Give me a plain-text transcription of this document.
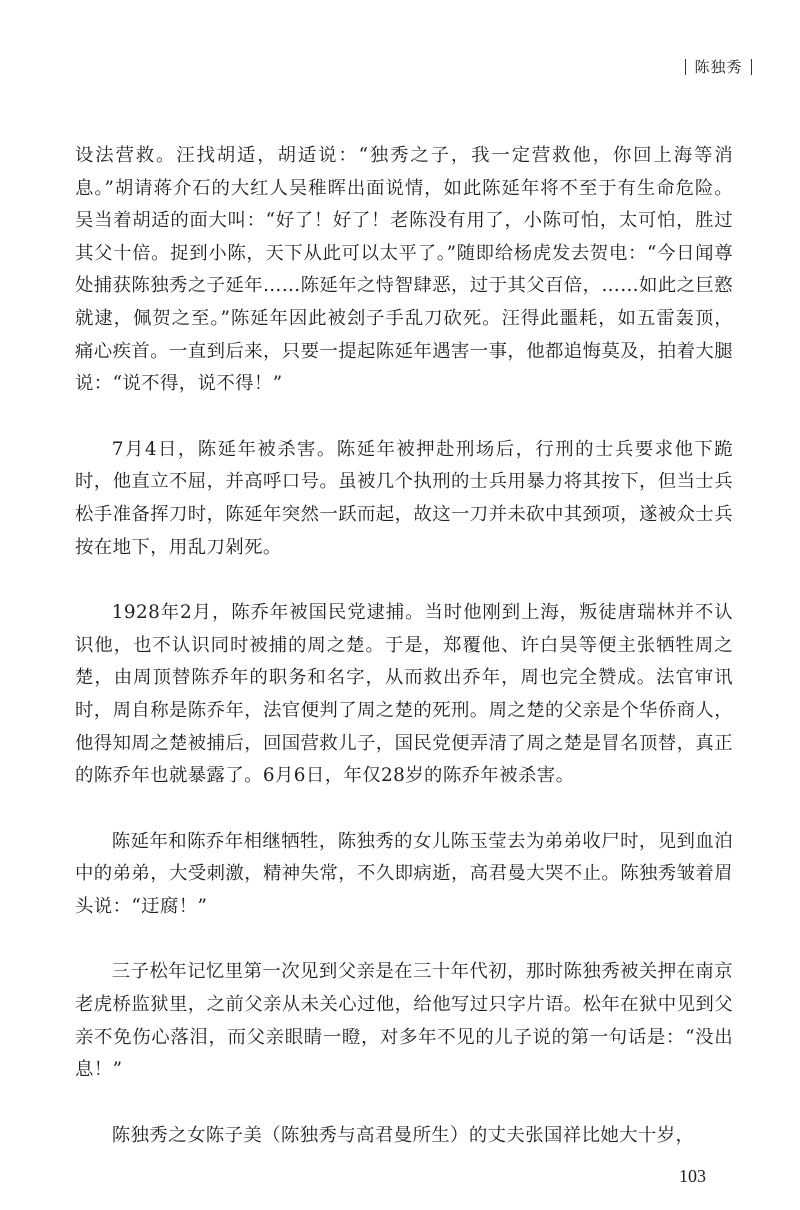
陈独秀

设法营救。汪找胡适，胡适说：“独秀之子，我一定营救他，你回上海等消息。”胡请蒋介石的大红人吴稚晖出面说情，如此陈延年将不至于有生命危险。吴当着胡适的面大叫：“好了！好了！老陈没有用了，小陈可怕，太可怕，胜过其父十倍。捉到小陈，天下从此可以太平了。”随即给杨虎发去贺电：“今日闻尊处捕获陈独秀之子延年……陈延年之恃智肆恶，过于其父百倍，……如此之巨憝就逮，佩贺之至。”陈延年因此被刽子手乱刀砍死。汪得此噩耗，如五雷轰顶，痛心疾首。一直到后来，只要一提起陈延年遇害一事，他都追悔莫及，拍着大腿说：“说不得，说不得！”

7月4日，陈延年被杀害。陈延年被押赴刑场后，行刑的士兵要求他下跪时，他直立不屈，并高呼口号。虽被几个执刑的士兵用暴力将其按下，但当士兵松手准备挥刀时，陈延年突然一跃而起，故这一刀并未砍中其颈项，遂被众士兵按在地下，用乱刀剁死。

1928年2月，陈乔年被国民党逮捕。当时他刚到上海，叛徒唐瑞林并不认识他，也不认识同时被捕的周之楚。于是，郑覆他、许白昊等便主张牺牲周之楚，由周顶替陈乔年的职务和名字，从而救出乔年，周也完全赞成。法官审讯时，周自称是陈乔年，法官便判了周之楚的死刑。周之楚的父亲是个华侨商人，他得知周之楚被捕后，回国营救儿子，国民党便弄清了周之楚是冒名顶替，真正的陈乔年也就暴露了。6月6日，年仅28岁的陈乔年被杀害。

陈延年和陈乔年相继牺牲，陈独秀的女儿陈玉莹去为弟弟收尸时，见到血泊中的弟弟，大受刺激，精神失常，不久即病逝，高君曼大哭不止。陈独秀皱着眉头说：“迂腐！”

三子松年记忆里第一次见到父亲是在三十年代初，那时陈独秀被关押在南京老虎桥监狱里，之前父亲从未关心过他，给他写过只字片语。松年在狱中见到父亲不免伤心落泪，而父亲眼睛一瞪，对多年不见的儿子说的第一句话是：“没出息！”

陈独秀之女陈子美（陈独秀与高君曼所生）的丈夫张国祥比她大十岁，

103
